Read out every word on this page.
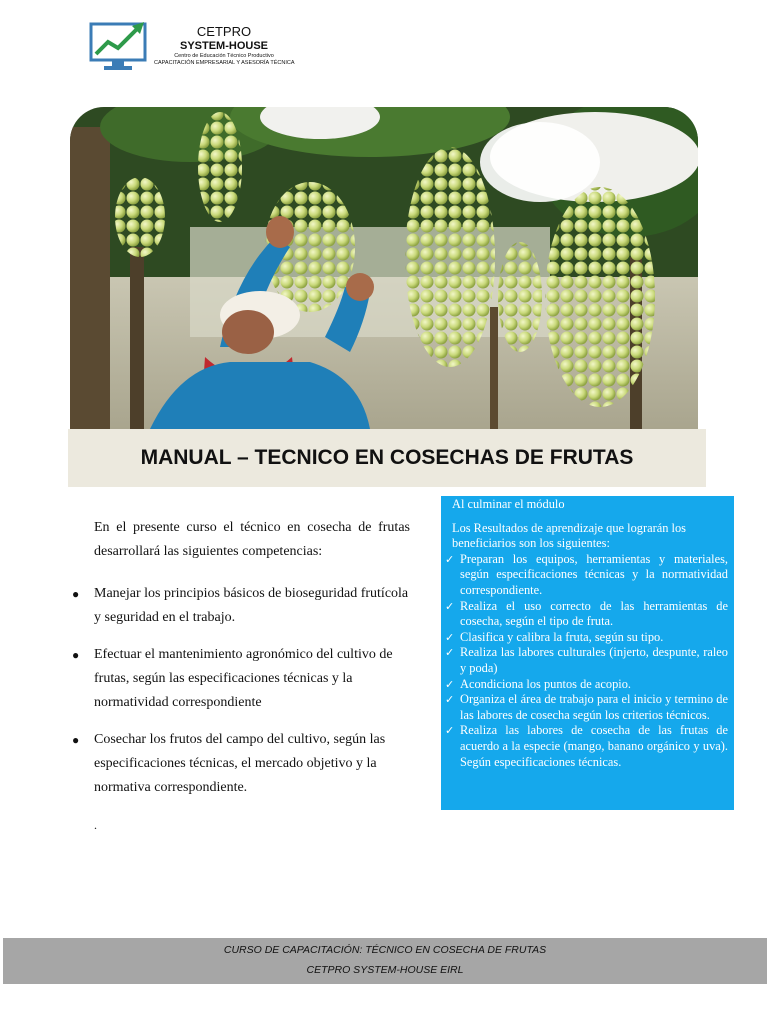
CETPRO
SYSTEM-HOUSE
Centro de Educación Técnico Productivo
CAPACITACIÓN EMPRESARIAL Y ASESORÍA TÉCNICA
MANUAL – TECNICO EN COSECHAS DE FRUTAS
En el presente curso el técnico en cosecha de frutas desarrollará las siguientes competencias:
● Manejar los principios básicos de bioseguridad frutícola y seguridad en el trabajo.
● Efectuar el mantenimiento agronómico del cultivo de frutas, según las especificaciones técnicas y la normatividad correspondiente
● Cosechar los frutos del campo del cultivo, según las especificaciones técnicas, el mercado objetivo y la normativa correspondiente.
.
Al culminar el módulo
Los Resultados de aprendizaje que lograrán los beneficiarios son los siguientes:
✓ Preparan los equipos, herramientas y materiales, según especificaciones técnicas y la normatividad correspondiente.
✓ Realiza el uso correcto de las herramientas de cosecha, según el tipo de fruta.
✓ Clasifica y calibra la fruta, según su tipo.
✓ Realiza las labores culturales (injerto, despunte, raleo y poda)
✓ Acondiciona los puntos de acopio.
✓ Organiza el área de trabajo para el inicio y termino de las labores de cosecha según los criterios técnicos.
✓ Realiza las labores de cosecha de las frutas de acuerdo a la especie (mango, banano orgánico y uva). Según especificaciones técnicas.
CURSO DE CAPACITACIÓN: TÉCNICO EN COSECHA DE FRUTAS
CETPRO SYSTEM-HOUSE EIRL
